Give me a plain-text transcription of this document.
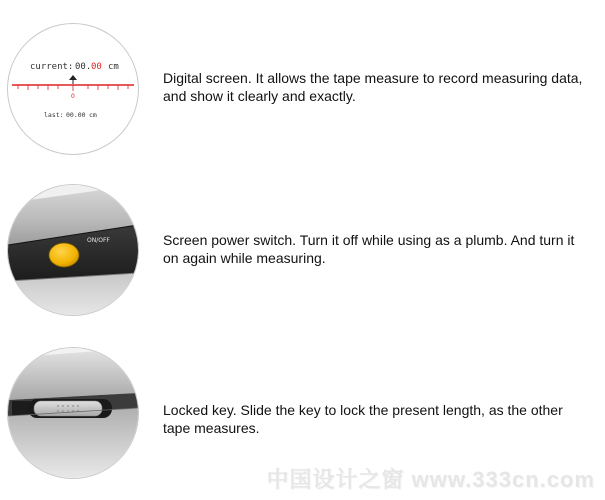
current: 00. 00 cm
0
last: 00.00 cm
Digital screen. It allows the tape measure to record measuring data, and show it clearly and exactly.
ON/OFF	Screen power switch. Turn it off while using as a plumb. And turn it on again while measuring.
Locked key. Slide the key to lock the present length, as the other tape measures.
中国设计之窗 www.333cn.com
